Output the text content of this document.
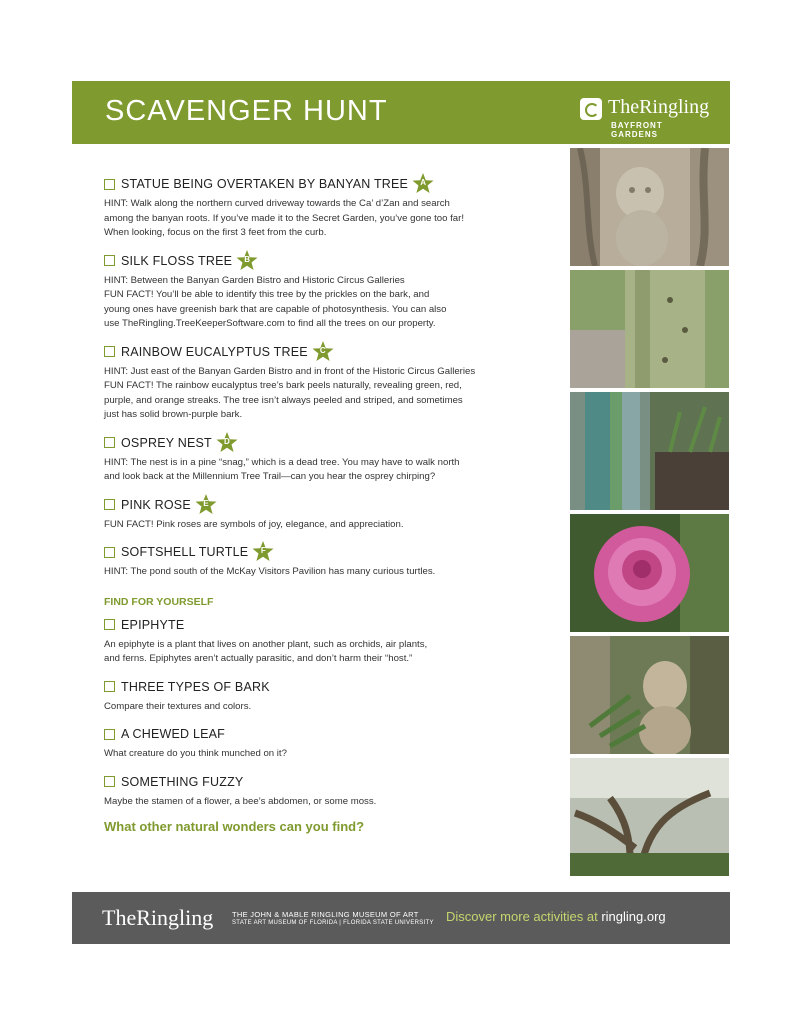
SCAVENGER HUNT	TheRingling
BAYFRONT GARDENS
STATUE BEING OVERTAKEN BY BANYAN TREE	A
HINT: Walk along the northern curved driveway towards the Ca’ d’Zan and search
among the banyan roots. If you’ve made it to the Secret Garden, you’ve gone too far!
When looking, focus on the first 3 feet from the curb.
SILK FLOSS TREE	B
HINT: Between the Banyan Garden Bistro and Historic Circus Galleries
FUN FACT! You’ll be able to identify this tree by the prickles on the bark, and
young ones have greenish bark that are capable of photosynthesis. You can also
use TheRingling.TreeKeeperSoftware.com to find all the trees on our property.
RAINBOW EUCALYPTUS TREE	C
HINT: Just east of the Banyan Garden Bistro and in front of the Historic Circus Galleries
FUN FACT! The rainbow eucalyptus tree’s bark peels naturally, revealing green, red,
purple, and orange streaks. The tree isn’t always peeled and striped, and sometimes
just has solid brown-purple bark.
OSPREY NEST	D
HINT: The nest is in a pine “snag,” which is a dead tree. You may have to walk north
and look back at the Millennium Tree Trail—can you hear the osprey chirping?
PINK ROSE	E
FUN FACT! Pink roses are symbols of joy, elegance, and appreciation.
SOFTSHELL TURTLE	F
HINT: The pond south of the McKay Visitors Pavilion has many curious turtles.
FIND FOR YOURSELF
EPIPHYTE
An epiphyte is a plant that lives on another plant, such as orchids, air plants,
and ferns. Epiphytes aren’t actually parasitic, and don’t harm their “host.”
THREE TYPES OF BARK
Compare their textures and colors.
A CHEWED LEAF
What creature do you think munched on it?
SOMETHING FUZZY
Maybe the stamen of a flower, a bee’s abdomen, or some moss.
What other natural wonders can you find?
TheRingling	THE JOHN & MABLE RINGLING MUSEUM OF ART
STATE ART MUSEUM OF FLORIDA | FLORIDA STATE UNIVERSITY Discover more activities at ringling.org
